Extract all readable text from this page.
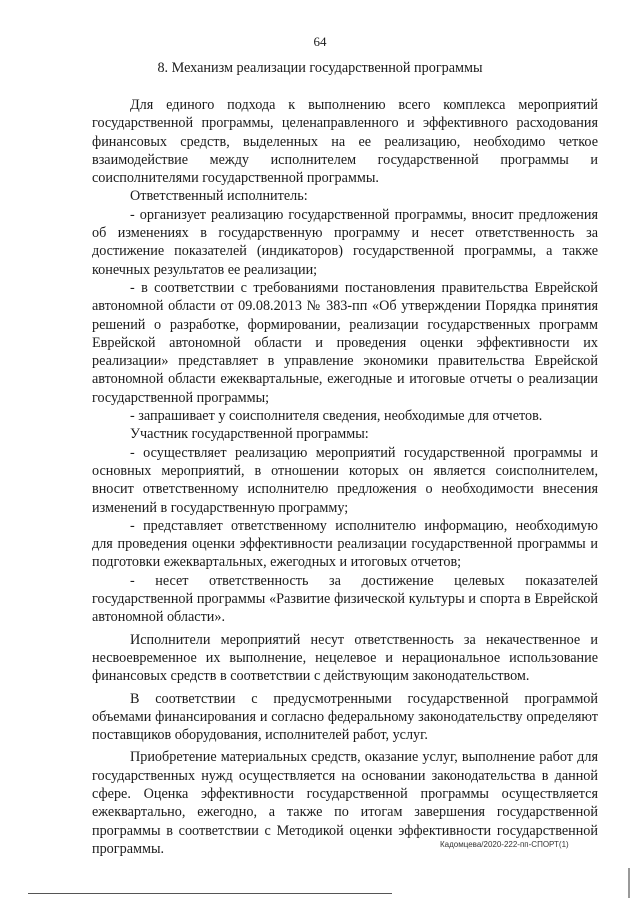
64
8. Механизм реализации государственной программы

Для единого подхода к выполнению всего комплекса мероприятий государственной программы, целенаправленного и эффективного расходования финансовых средств, выделенных на ее реализацию, необходимо четкое взаимодействие между исполнителем государственной программы и соисполнителями государственной программы.

Ответственный исполнитель:

- организует реализацию государственной программы, вносит предложения об изменениях в государственную программу и несет ответственность за достижение показателей (индикаторов) государственной программы, а также конечных результатов ее реализации;

- в соответствии с требованиями постановления правительства Еврейской автономной области от 09.08.2013 № 383-пп «Об утверждении Порядка принятия решений о разработке, формировании, реализации государственных программ Еврейской автономной области и проведения оценки эффективности их реализации» представляет в управление экономики правительства Еврейской автономной области ежеквартальные, ежегодные и итоговые отчеты о реализации государственной программы;

- запрашивает у соисполнителя сведения, необходимые для отчетов.

Участник государственной программы:

- осуществляет реализацию мероприятий государственной программы и основных мероприятий, в отношении которых он является соисполнителем, вносит ответственному исполнителю предложения о необходимости внесения изменений в государственную программу;

- представляет ответственному исполнителю информацию, необходимую для проведения оценки эффективности реализации государственной программы и подготовки ежеквартальных, ежегодных и итоговых отчетов;

- несет ответственность за достижение целевых показателей государственной программы «Развитие физической культуры и спорта в Еврейской автономной области».

Исполнители мероприятий несут ответственность за некачественное и несвоевременное их выполнение, нецелевое и нерациональное использование финансовых средств в соответствии с действующим законодательством.

В соответствии с предусмотренными государственной программой объемами финансирования и согласно федеральному законодательству определяют поставщиков оборудования, исполнителей работ, услуг.

Приобретение материальных средств, оказание услуг, выполнение работ для государственных нужд осуществляется на основании законодательства в данной сфере. Оценка эффективности государственной программы осуществляется ежеквартально, ежегодно, а также по итогам завершения государственной программы в соответствии с Методикой оценки эффективности государственной программы.	Кадомцева/2020-222-пп-СПОРТ(1)
